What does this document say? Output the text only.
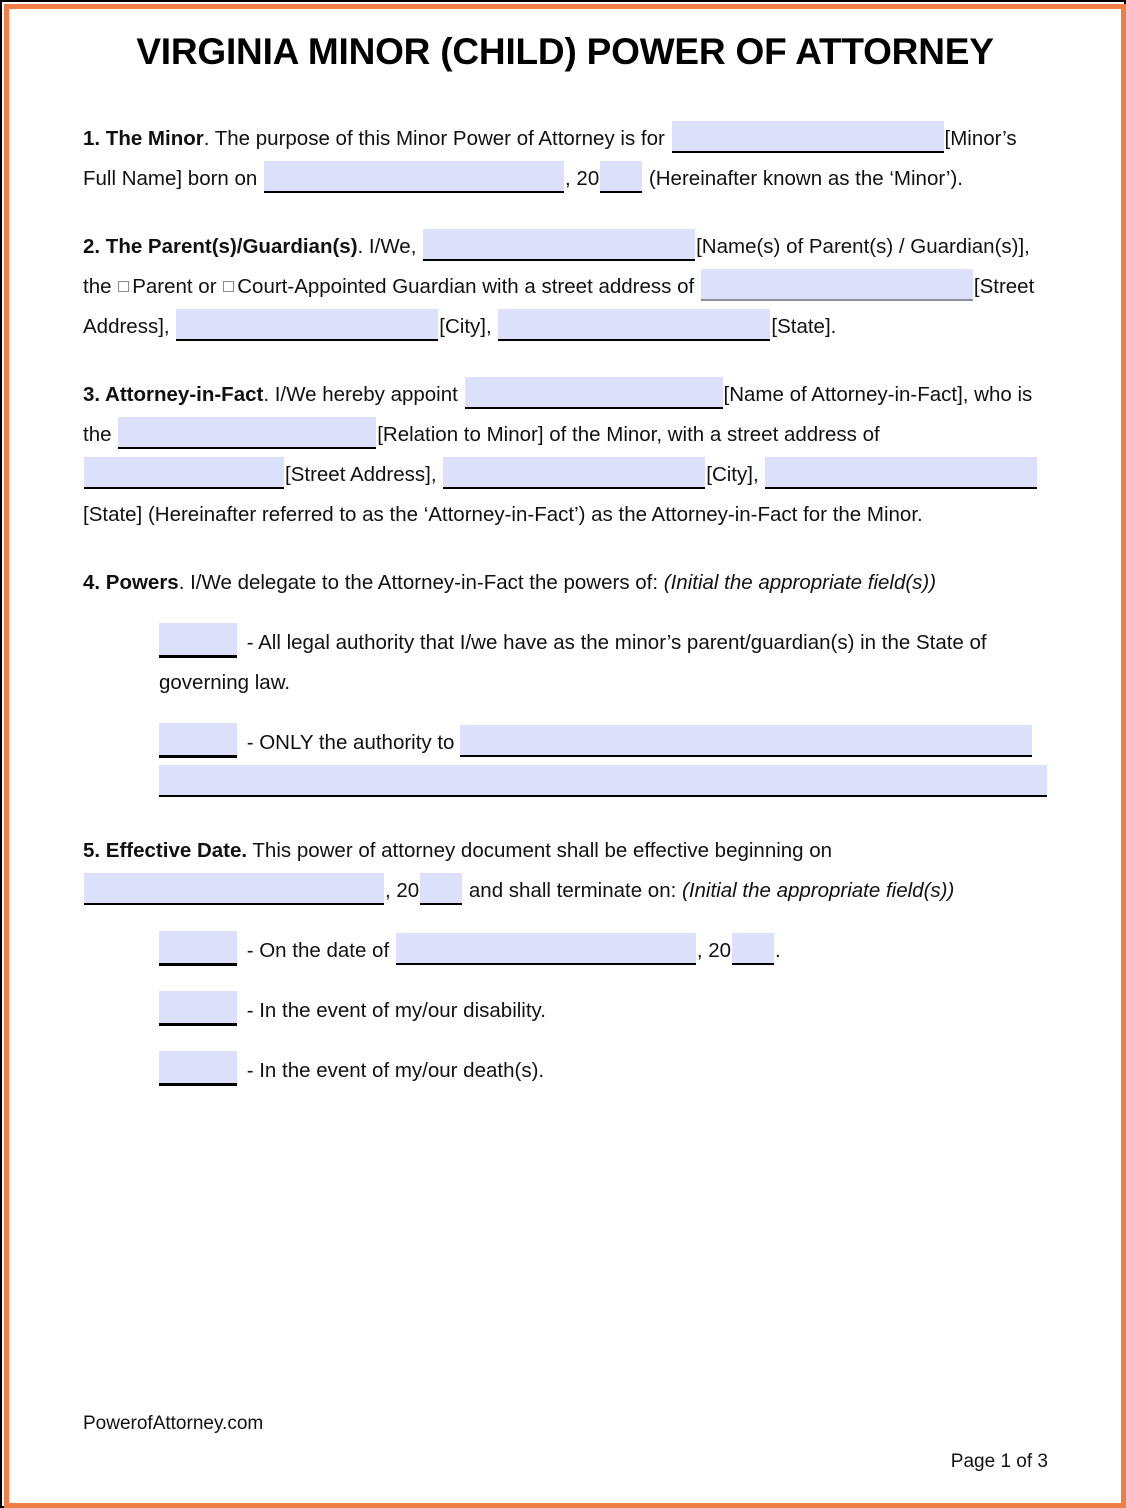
VIRGINIA MINOR (CHILD) POWER OF ATTORNEY
1. The Minor. The purpose of this Minor Power of Attorney is for	[Minor’s Full Name] born on	, 20 (Hereinafter known as the ‘Minor’).
2. The Parent(s)/Guardian(s). I/We,	[Name(s) of Parent(s) / Guardian(s)], the Parent or Court-Appointed Guardian with a street address of	[Street Address],	[City],	[State].
3. Attorney-in-Fact. I/We hereby appoint	[Name of Attorney-in-Fact], who is the	[Relation to Minor] of the Minor, with a street address of [Street Address],	[City], [State] (Hereinafter referred to as the ‘Attorney-in-Fact’) as the Attorney-in-Fact for the Minor.
4. Powers. I/We delegate to the Attorney-in-Fact the powers of: (Initial the appropriate field(s))
- All legal authority that I/we have as the minor’s parent/guardian(s) in the State of governing law.
- ONLY the authority to
5. Effective Date. This power of attorney document shall be effective beginning on , 20 and shall terminate on: (Initial the appropriate field(s))
- On the date of	, 20 .
- In the event of my/our disability.
- In the event of my/our death(s).
PowerofAttorney.com
Page 1 of 3
